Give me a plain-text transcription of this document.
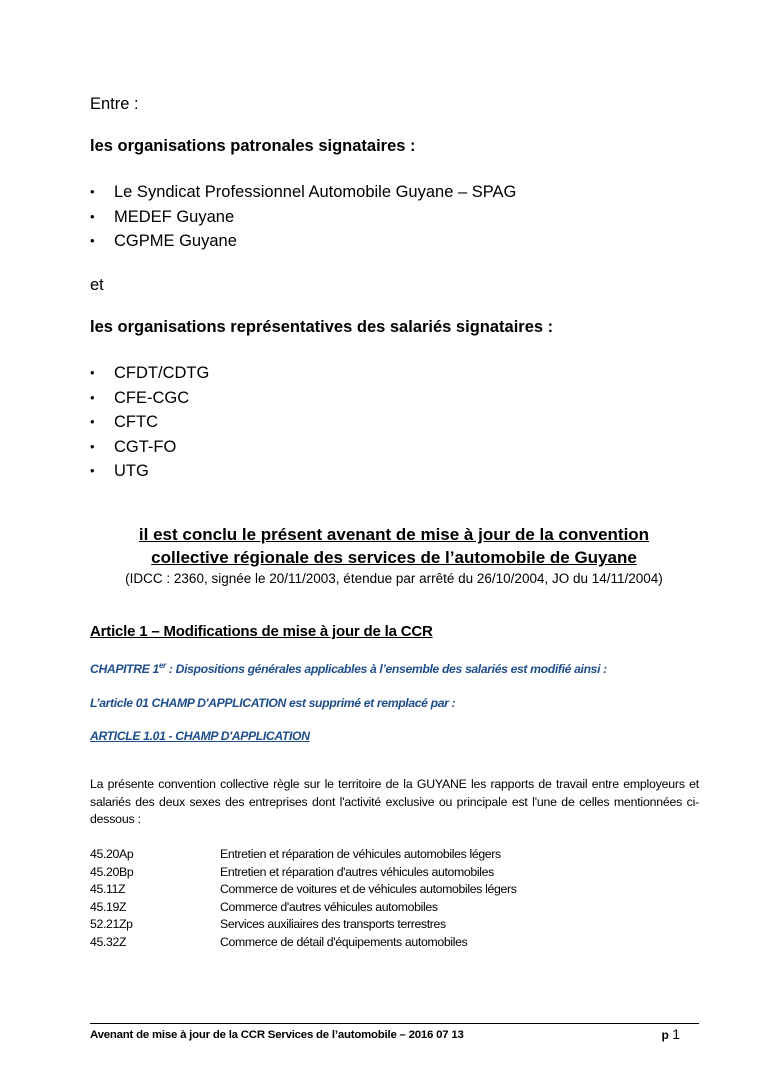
Entre :
les organisations patronales signataires :
• Le Syndicat Professionnel Automobile Guyane – SPAG
• MEDEF Guyane
• CGPME Guyane
et
les organisations représentatives des salariés signataires :
• CFDT/CDTG
• CFE-CGC
• CFTC
• CGT-FO
• UTG
il est conclu le présent avenant de mise à jour de la convention
collective régionale des services de l’automobile de Guyane
(IDCC : 2360, signée le 20/11/2003, étendue par arrêté du 26/10/2004, JO du 14/11/2004)
Article 1 – Modifications de mise à jour de la CCR
CHAPITRE 1er : Dispositions générales applicables à l’ensemble des salariés est modifié ainsi :
L’article 01 CHAMP D'APPLICATION est supprimé et remplacé par :
ARTICLE 1.01 - CHAMP D'APPLICATION
La présente convention collective règle sur le territoire de la GUYANE les rapports de travail entre employeurs et salariés des deux sexes des entreprises dont l'activité exclusive ou principale est l'une de celles mentionnées ci-dessous :
45.20Ap	Entretien et réparation de véhicules automobiles légers
45.20Bp	Entretien et réparation d'autres véhicules automobiles
45.11Z	Commerce de voitures et de véhicules automobiles légers
45.19Z	Commerce d'autres véhicules automobiles
52.21Zp	Services auxiliaires des transports terrestres
45.32Z	Commerce de détail d'équipements automobiles
Avenant de mise à jour de la CCR Services de l’automobile – 2016 07 13	p 1
